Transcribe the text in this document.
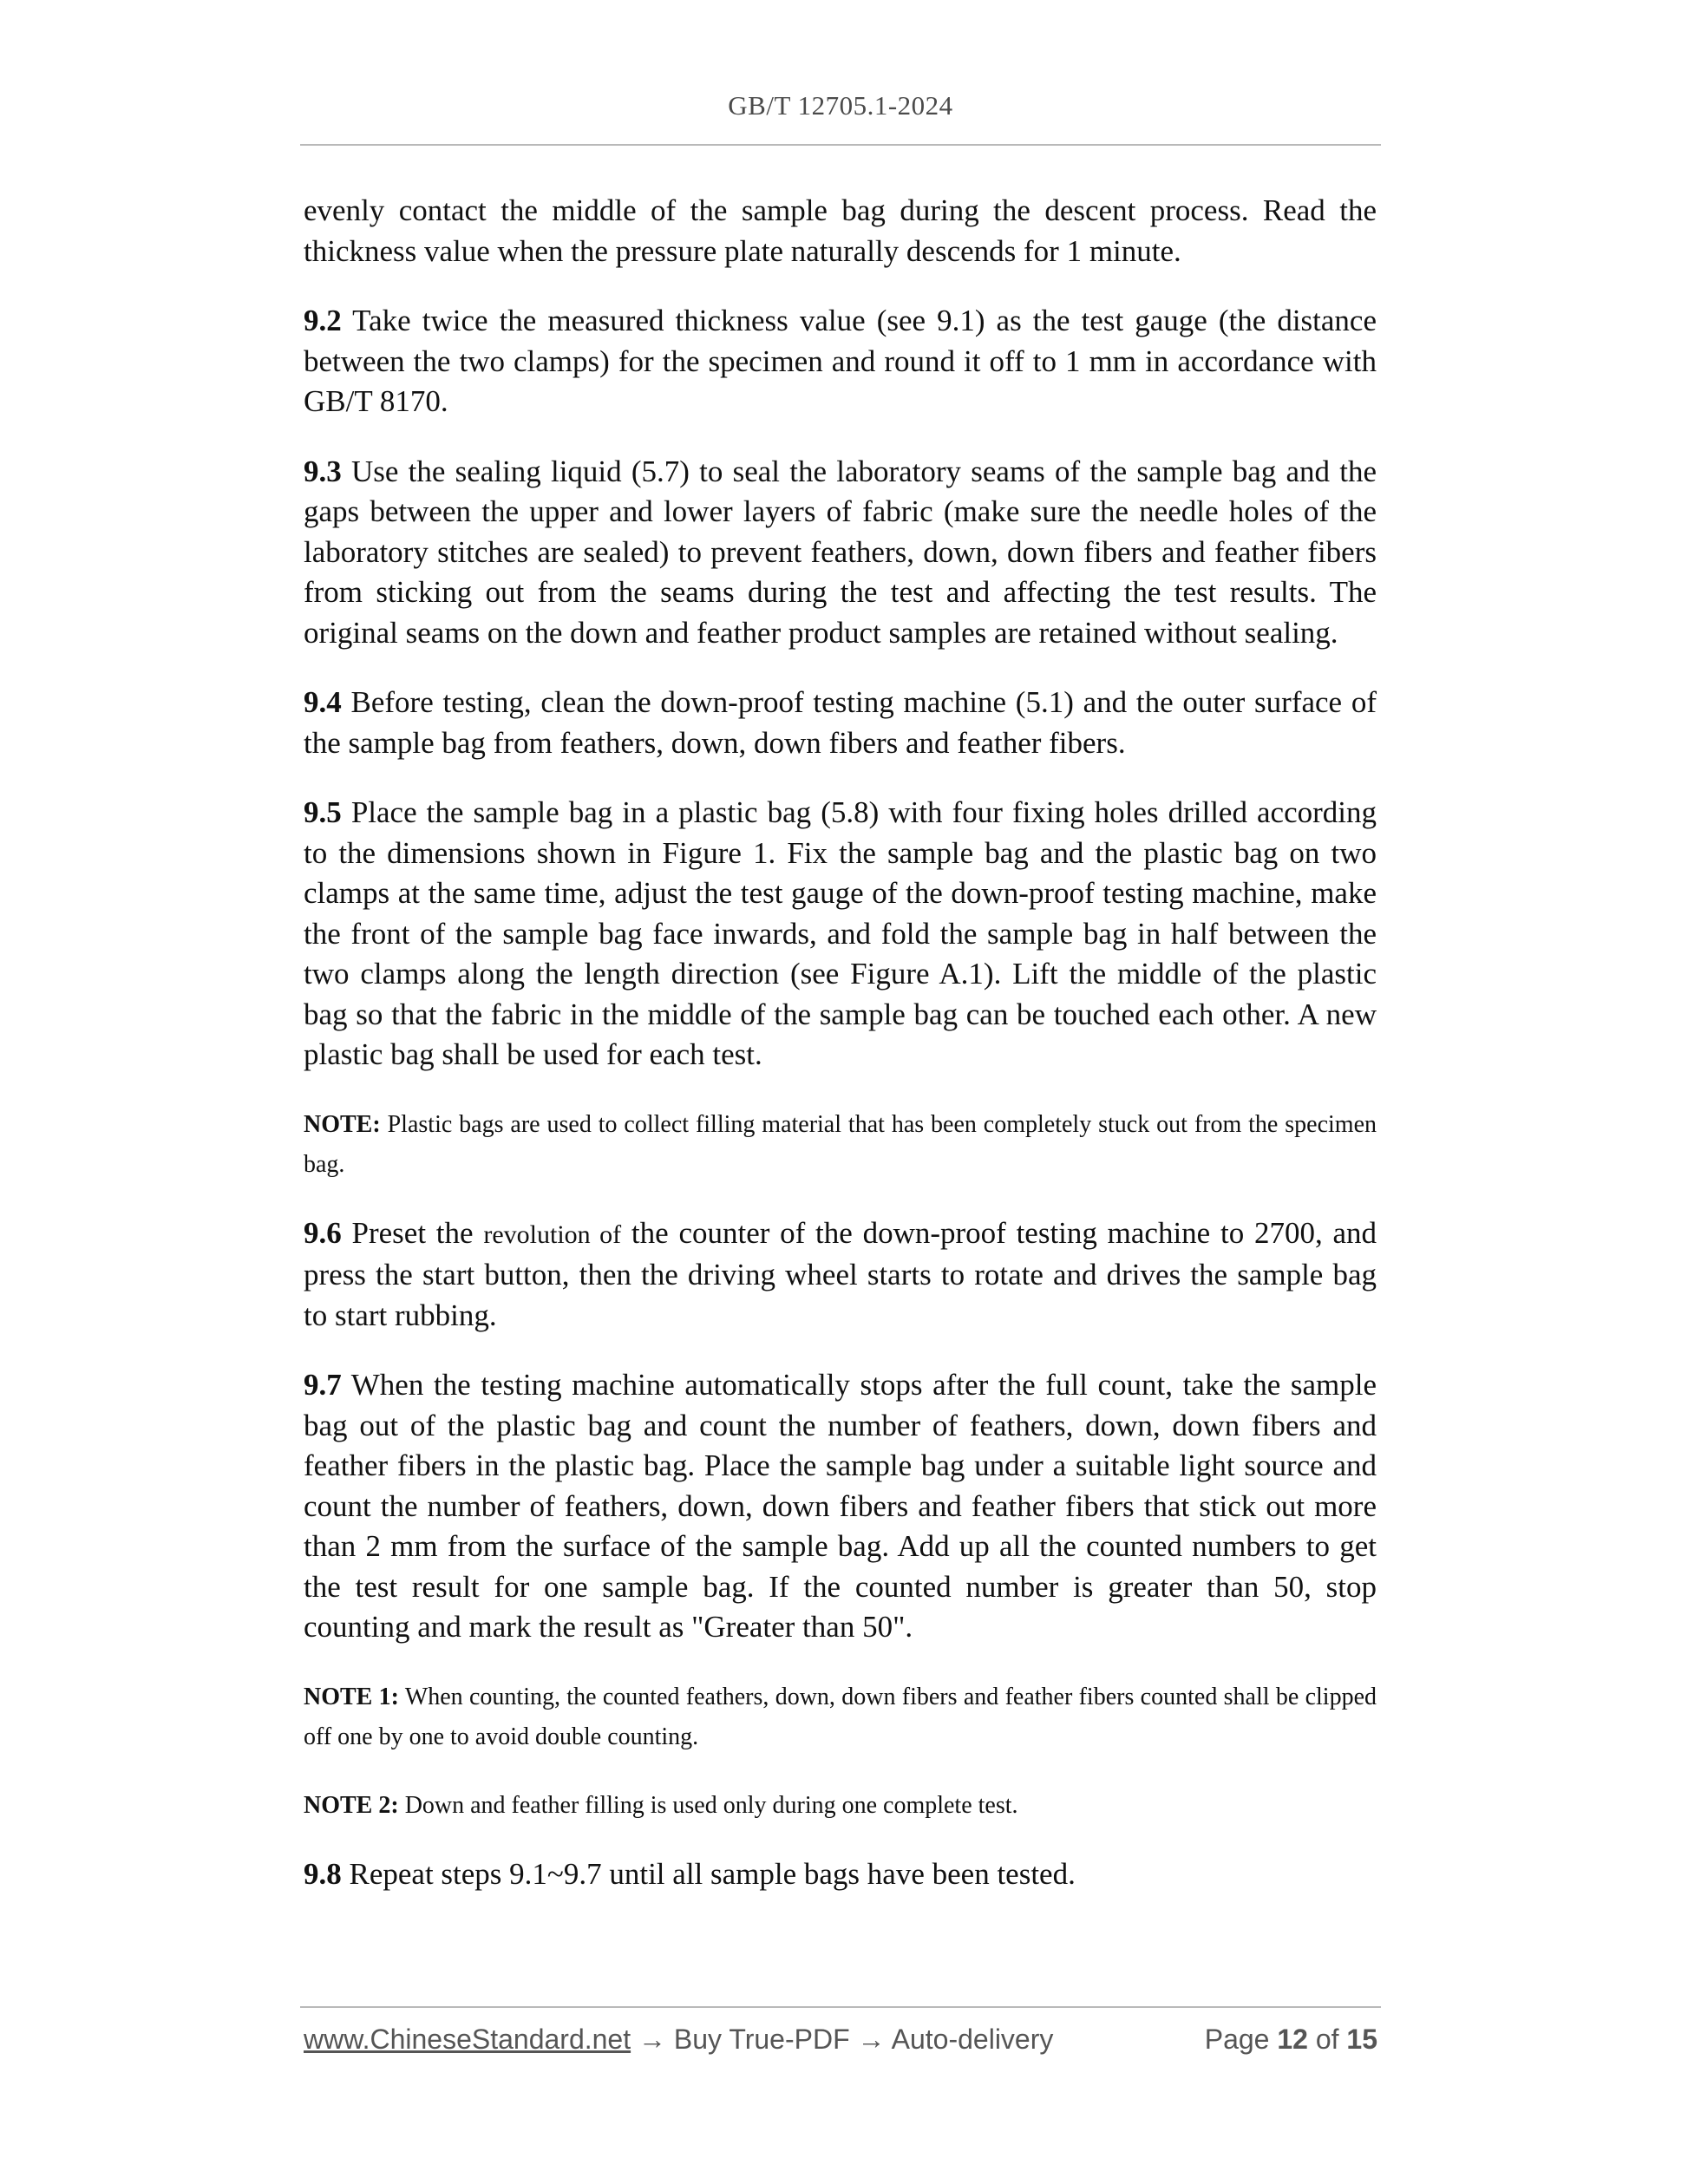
GB/T 12705.1-2024

evenly contact the middle of the sample bag during the descent process. Read the thickness value when the pressure plate naturally descends for 1 minute.

9.2 Take twice the measured thickness value (see 9.1) as the test gauge (the distance between the two clamps) for the specimen and round it off to 1 mm in accordance with GB/T 8170.

9.3 Use the sealing liquid (5.7) to seal the laboratory seams of the sample bag and the gaps between the upper and lower layers of fabric (make sure the needle holes of the laboratory stitches are sealed) to prevent feathers, down, down fibers and feather fibers from sticking out from the seams during the test and affecting the test results. The original seams on the down and feather product samples are retained without sealing.

9.4 Before testing, clean the down-proof testing machine (5.1) and the outer surface of the sample bag from feathers, down, down fibers and feather fibers.

9.5 Place the sample bag in a plastic bag (5.8) with four fixing holes drilled according to the dimensions shown in Figure 1. Fix the sample bag and the plastic bag on two clamps at the same time, adjust the test gauge of the down-proof testing machine, make the front of the sample bag face inwards, and fold the sample bag in half between the two clamps along the length direction (see Figure A.1). Lift the middle of the plastic bag so that the fabric in the middle of the sample bag can be touched each other. A new plastic bag shall be used for each test.

NOTE: Plastic bags are used to collect filling material that has been completely stuck out from the specimen bag.

9.6 Preset the revolution of the counter of the down-proof testing machine to 2700, and press the start button, then the driving wheel starts to rotate and drives the sample bag to start rubbing.

9.7 When the testing machine automatically stops after the full count, take the sample bag out of the plastic bag and count the number of feathers, down, down fibers and feather fibers in the plastic bag. Place the sample bag under a suitable light source and count the number of feathers, down, down fibers and feather fibers that stick out more than 2 mm from the surface of the sample bag. Add up all the counted numbers to get the test result for one sample bag. If the counted number is greater than 50, stop counting and mark the result as "Greater than 50".

NOTE 1: When counting, the counted feathers, down, down fibers and feather fibers counted shall be clipped off one by one to avoid double counting.

NOTE 2: Down and feather filling is used only during one complete test.

9.8 Repeat steps 9.1~9.7 until all sample bags have been tested.

www.ChineseStandard.net → Buy True-PDF → Auto-delivery	Page 12 of 15
